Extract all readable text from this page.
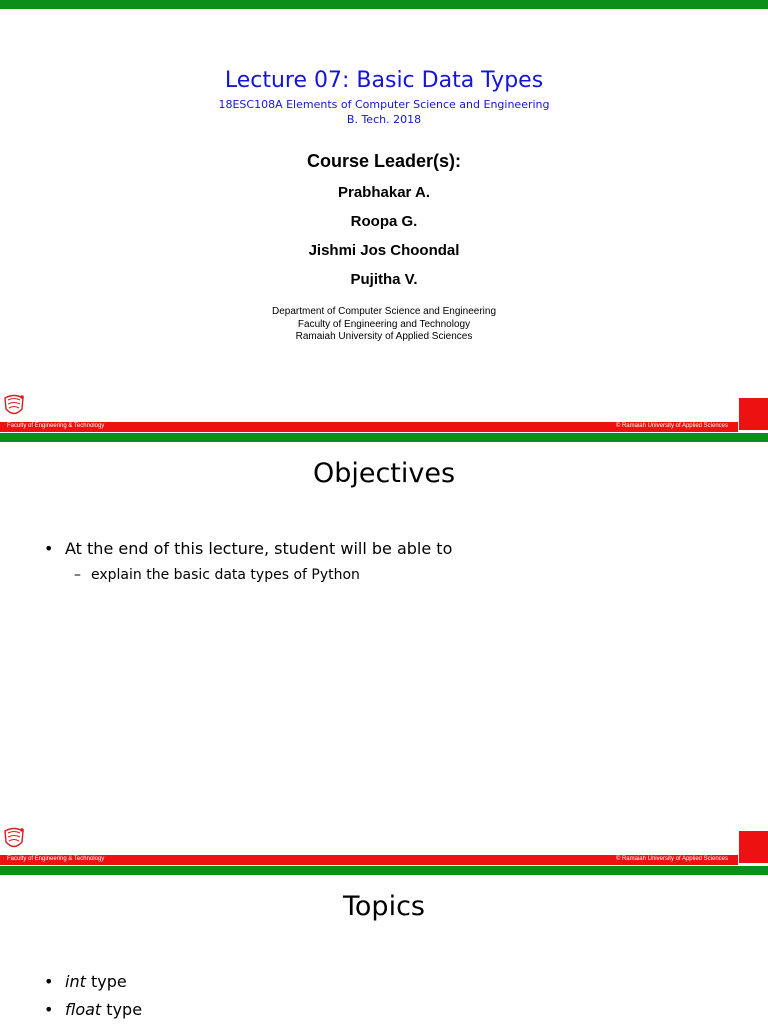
Lecture 07: Basic Data Types
18ESC108A Elements of Computer Science and Engineering
B. Tech. 2018
Course Leader(s):
Prabhakar A.
Roopa G.
Jishmi Jos Choondal
Pujitha V.
Department of Computer Science and Engineering
Faculty of Engineering and Technology
Ramaiah University of Applied Sciences
Faculty of Engineering & Technology	© Ramaiah University of Applied Sciences
Objectives
• At the end of this lecture, student will be able to
– explain the basic data types of Python
Faculty of Engineering & Technology	© Ramaiah University of Applied Sciences
Topics
• int type
• float type
